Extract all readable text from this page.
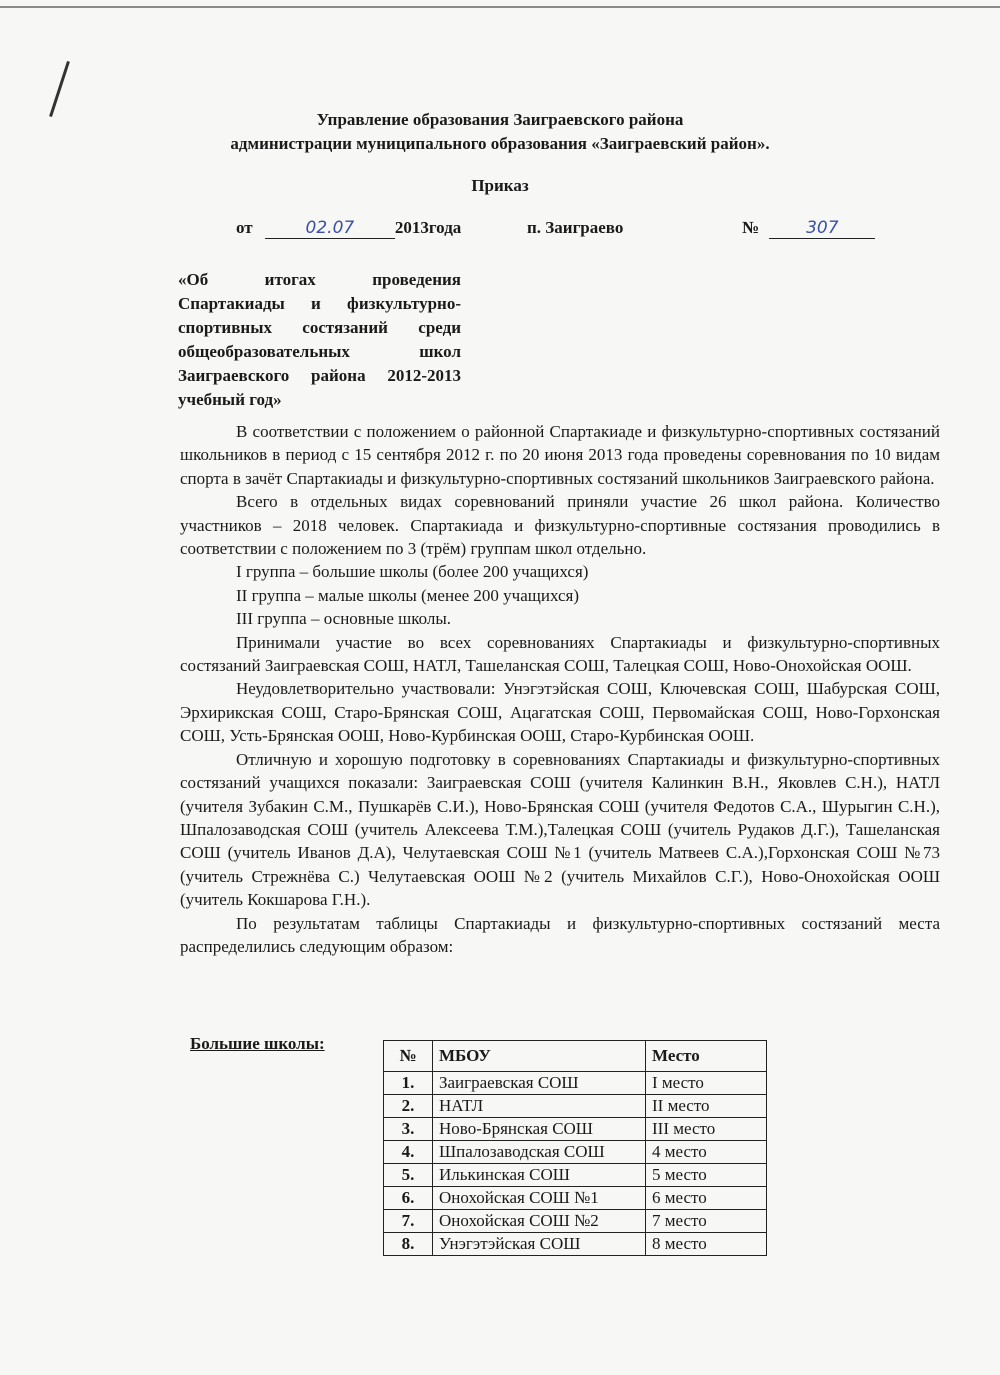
Управление образования Заиграевского района
администрации муниципального образования «Заиграевский район».
Приказ
от	02.07 2013года	п. Заиграево	№	307
«Об итогах проведения Спартакиады и физкультурно-спортивных состязаний среди общеобразовательных школ Заиграевского района 2012-2013 учебный год»

В соответствии с положением о районной Спартакиаде и физкультурно-спортивных состязаний школьников в период с 15 сентября 2012 г. по 20 июня 2013 года проведены соревнования по 10 видам спорта в зачёт Спартакиады и физкультурно-спортивных состязаний школьников Заиграевского района.

Всего в отдельных видах соревнований приняли участие 26 школ района. Количество участников – 2018 человек. Спартакиада и физкультурно-спортивные состязания проводились в соответствии с положением по 3 (трём) группам школ отдельно.

I группа – большие школы (более 200 учащихся)

II группа – малые школы (менее 200 учащихся)

III группа – основные школы.

Принимали участие во всех соревнованиях Спартакиады и физкультурно-спортивных состязаний Заиграевская СОШ, НАТЛ, Ташеланская СОШ, Талецкая СОШ, Ново-Онохойская ООШ.

Неудовлетворительно участвовали: Унэгэтэйская СОШ, Ключевская СОШ, Шабурская СОШ, Эрхирикская СОШ, Старо-Брянская СОШ, Ацагатская СОШ, Первомайская СОШ, Ново-Горхонская СОШ, Усть-Брянская ООШ, Ново-Курбинская ООШ, Старо-Курбинская ООШ.

Отличную и хорошую подготовку в соревнованиях Спартакиады и физкультурно-спортивных состязаний учащихся показали: Заиграевская СОШ (учителя Калинкин В.Н., Яковлев С.Н.), НАТЛ (учителя Зубакин С.М., Пушкарёв С.И.), Ново-Брянская СОШ (учителя Федотов С.А., Шурыгин С.Н.), Шпалозаводская СОШ (учитель Алексеева Т.М.),Талецкая СОШ (учитель Рудаков Д.Г.), Ташеланская СОШ (учитель Иванов Д.А), Челутаевская СОШ №1 (учитель Матвеев С.А.),Горхонская СОШ №73 (учитель Стрежнёва С.) Челутаевская ООШ №2 (учитель Михайлов С.Г.), Ново-Онохойская ООШ (учитель Кокшарова Г.Н.).

По результатам таблицы Спартакиады и физкультурно-спортивных состязаний места распределились следующим образом:

Большие школы:
№	МБОУ	Место
1.	Заиграевская СОШ	I место
2.	НАТЛ	II место
3.	Ново-Брянская СОШ	III место
4.	Шпалозаводская СОШ	4 место
5.	Илькинская СОШ	5 место
6.	Онохойская СОШ №1	6 место
7.	Онохойская СОШ №2	7 место
8.	Унэгэтэйская СОШ	8 место
